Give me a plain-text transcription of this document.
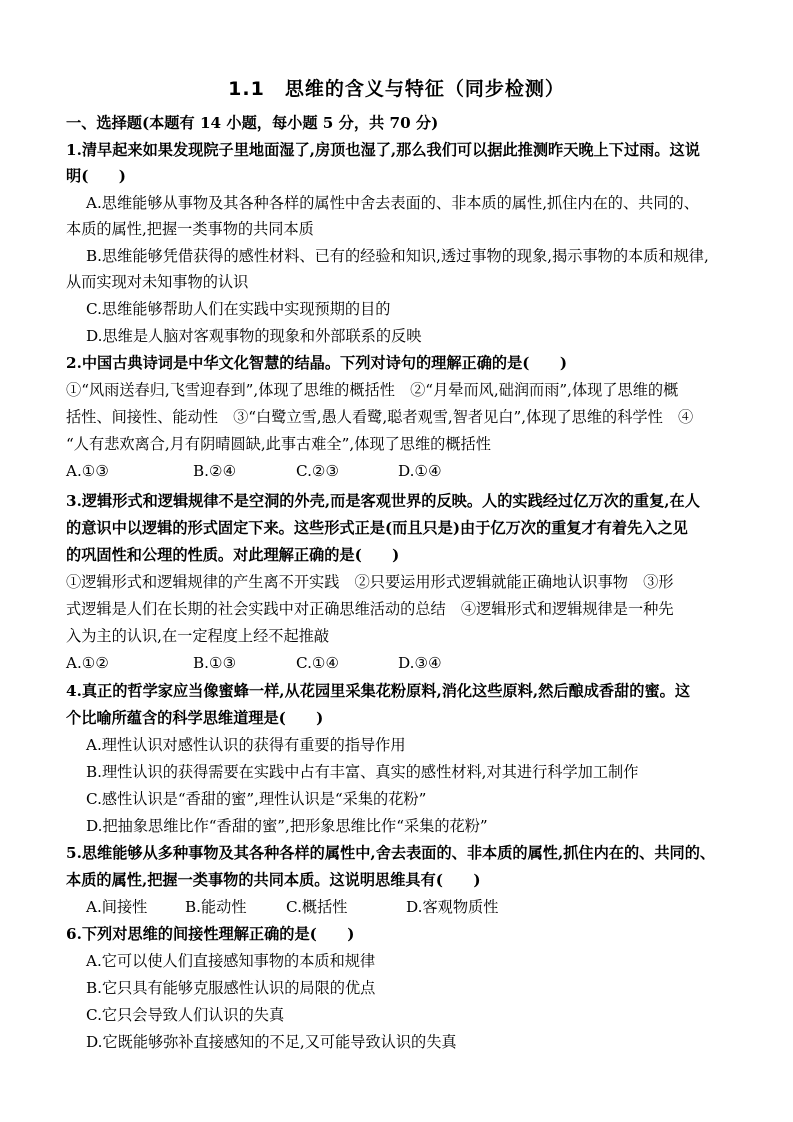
1.1　思维的含义与特征（同步检测）
一、选择题(本题有 14 小题，每小题 5 分，共 70 分)
1.清早起来如果发现院子里地面湿了,房顶也湿了,那么我们可以据此推测昨天晚上下过雨。这说
明(　　)
A.思维能够从事物及其各种各样的属性中舍去表面的、非本质的属性,抓住内在的、共同的、
本质的属性,把握一类事物的共同本质
B.思维能够凭借获得的感性材料、已有的经验和知识,透过事物的现象,揭示事物的本质和规律,
从而实现对未知事物的认识
C.思维能够帮助人们在实践中实现预期的目的
D.思维是人脑对客观事物的现象和外部联系的反映
2.中国古典诗词是中华文化智慧的结晶。下列对诗句的理解正确的是(　　)
①“风雨送春归,飞雪迎春到”,体现了思维的概括性　②“月晕而风,础润而雨”,体现了思维的概
括性、间接性、能动性　③“白鹭立雪,愚人看鹭,聪者观雪,智者见白”,体现了思维的科学性　④
“人有悲欢离合,月有阴晴圆缺,此事古难全”,体现了思维的概括性
A.①③	B.②④	C.②③	D.①④
3.逻辑形式和逻辑规律不是空洞的外壳,而是客观世界的反映。人的实践经过亿万次的重复,在人
的意识中以逻辑的形式固定下来。这些形式正是(而且只是)由于亿万次的重复才有着先入之见
的巩固性和公理的性质。对此理解正确的是(　　)
①逻辑形式和逻辑规律的产生离不开实践　②只要运用形式逻辑就能正确地认识事物　③形
式逻辑是人们在长期的社会实践中对正确思维活动的总结　④逻辑形式和逻辑规律是一种先
入为主的认识,在一定程度上经不起推敲
A.①②	B.①③	C.①④	D.③④
4.真正的哲学家应当像蜜蜂一样,从花园里采集花粉原料,消化这些原料,然后酿成香甜的蜜。这
个比喻所蕴含的科学思维道理是(　　)
A.理性认识对感性认识的获得有重要的指导作用
B.理性认识的获得需要在实践中占有丰富、真实的感性材料,对其进行科学加工制作
C.感性认识是“香甜的蜜”,理性认识是“采集的花粉”
D.把抽象思维比作“香甜的蜜”,把形象思维比作“采集的花粉”
5.思维能够从多种事物及其各种各样的属性中,舍去表面的、非本质的属性,抓住内在的、共同的、
本质的属性,把握一类事物的共同本质。这说明思维具有(　　)
A.间接性 B.能动性	C.概括性	D.客观物质性
6.下列对思维的间接性理解正确的是(　　)
A.它可以使人们直接感知事物的本质和规律
B.它只具有能够克服感性认识的局限的优点
C.它只会导致人们认识的失真
D.它既能够弥补直接感知的不足,又可能导致认识的失真
